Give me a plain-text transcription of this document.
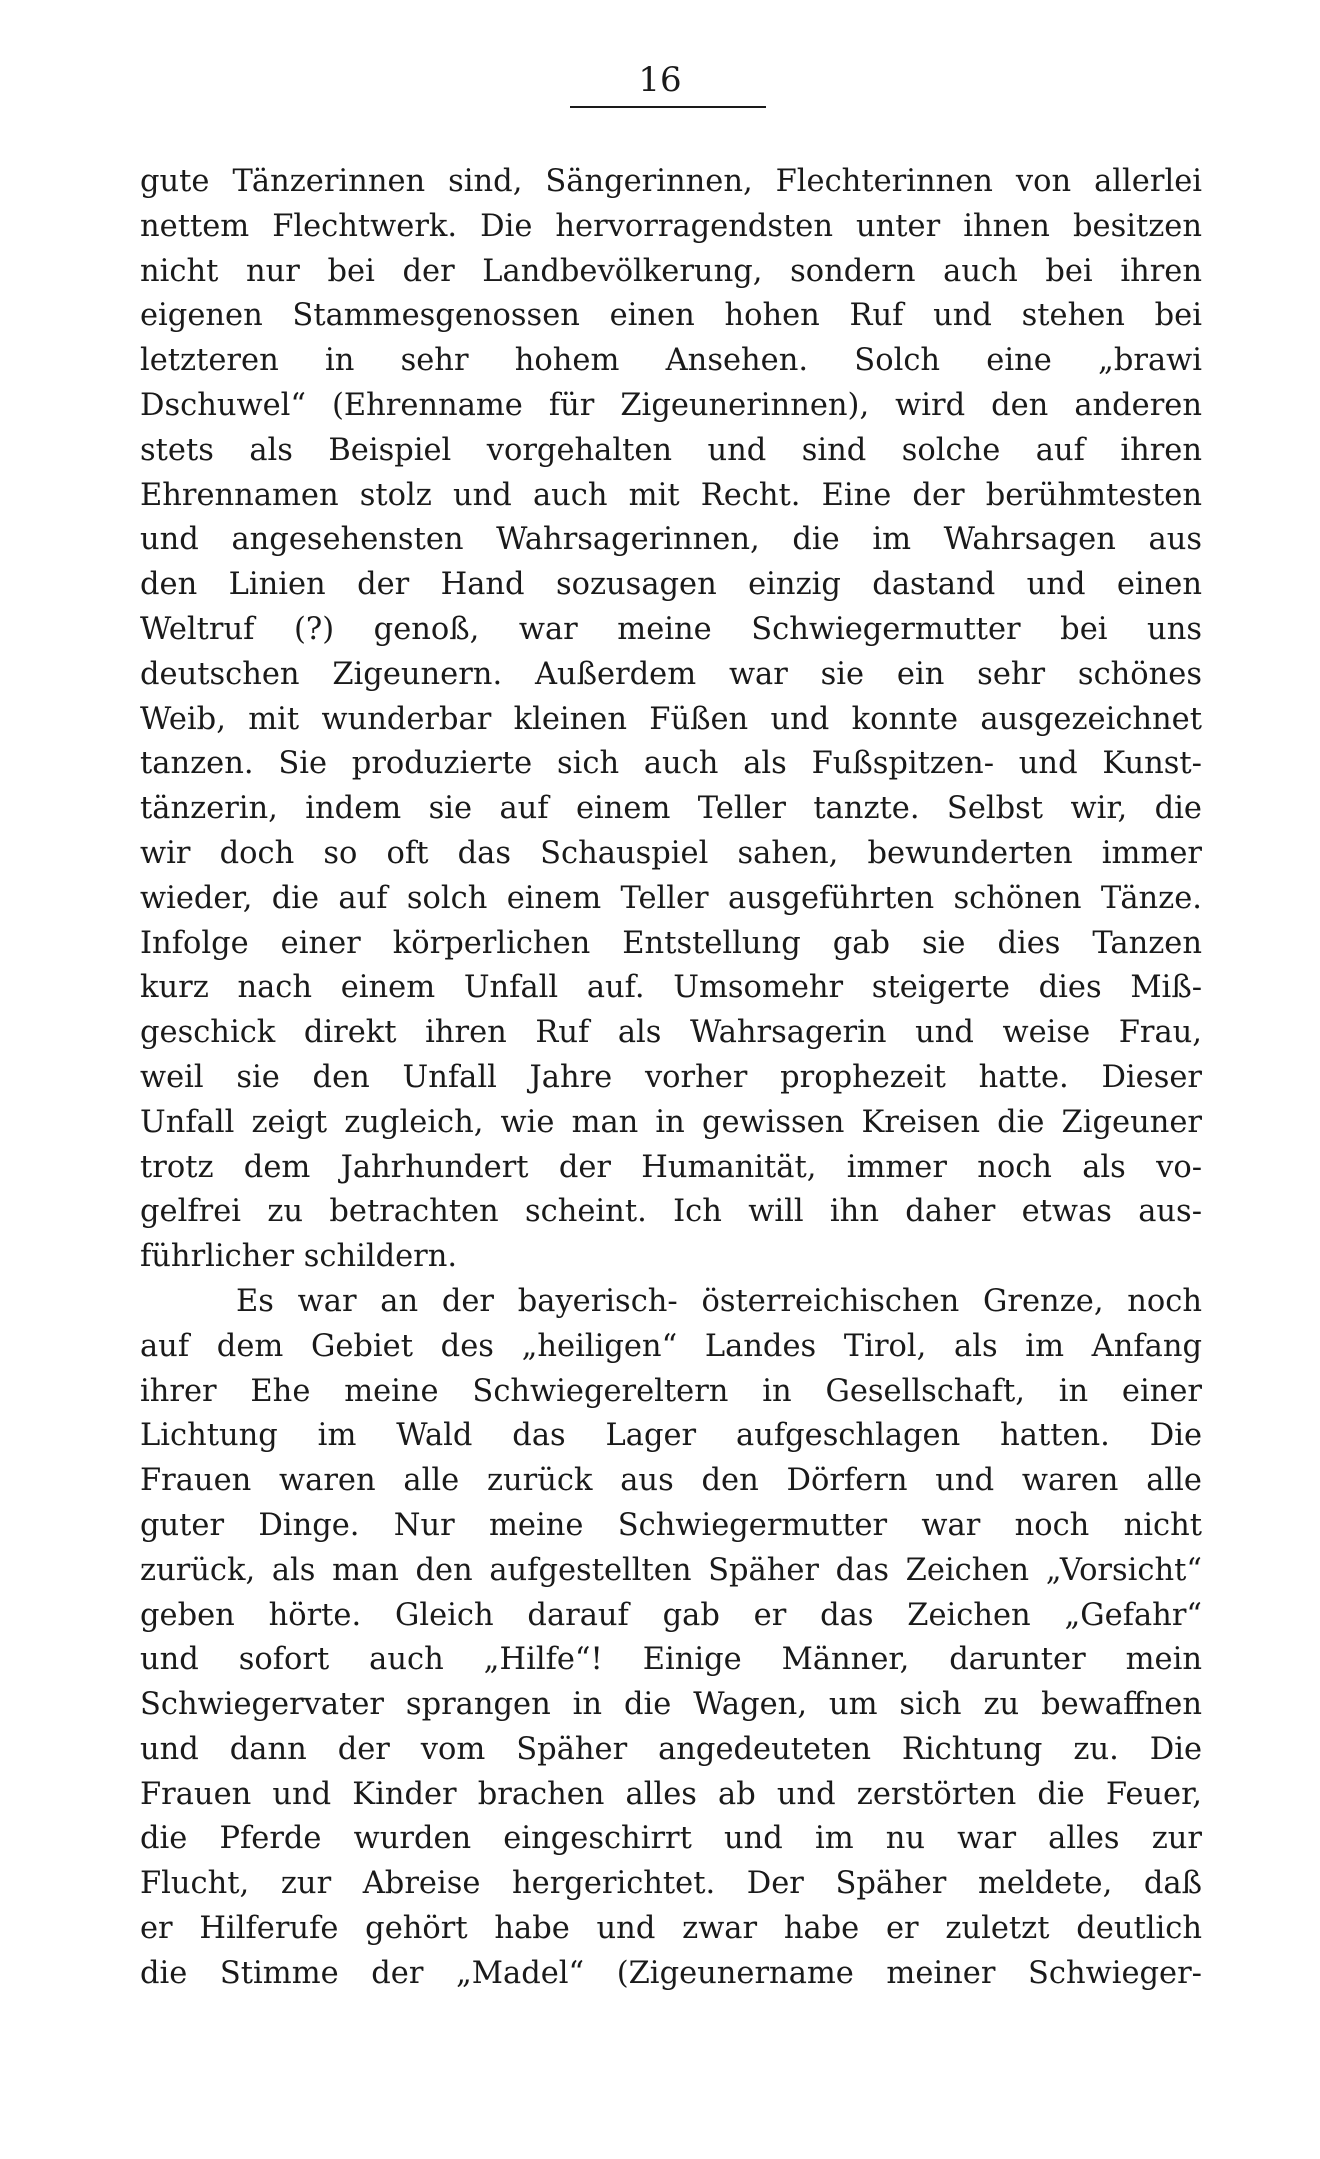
16
gute Tänzerinnen sind, Sängerinnen, Flechterinnen von allerlei
nettem Flechtwerk. Die hervorragendsten unter ihnen besitzen
nicht nur bei der Landbevölkerung, sondern auch bei ihren
eigenen Stammesgenossen einen hohen Ruf und stehen bei
letzteren in sehr hohem Ansehen. Solch eine „brawi
Dschuwel“ (Ehrenname für Zigeunerinnen), wird den anderen
stets als Beispiel vorgehalten und sind solche auf ihren
Ehrennamen stolz und auch mit Recht. Eine der berühmtesten
und angesehensten Wahrsagerinnen, die im Wahrsagen aus
den Linien der Hand sozusagen einzig dastand und einen
Weltruf (?) genoß, war meine Schwiegermutter bei uns
deutschen Zigeunern. Außerdem war sie ein sehr schönes
Weib, mit wunderbar kleinen Füßen und konnte ausgezeichnet
tanzen. Sie produzierte sich auch als Fußspitzen- und Kunst-
tänzerin, indem sie auf einem Teller tanzte. Selbst wir, die
wir doch so oft das Schauspiel sahen, bewunderten immer
wieder, die auf solch einem Teller ausgeführten schönen Tänze.
Infolge einer körperlichen Entstellung gab sie dies Tanzen
kurz nach einem Unfall auf. Umsomehr steigerte dies Miß-
geschick direkt ihren Ruf als Wahrsagerin und weise Frau,
weil sie den Unfall Jahre vorher prophezeit hatte. Dieser
Unfall zeigt zugleich, wie man in gewissen Kreisen die Zigeuner
trotz dem Jahrhundert der Humanität, immer noch als vo-
gelfrei zu betrachten scheint. Ich will ihn daher etwas aus-
führlicher schildern.
Es war an der bayerisch- österreichischen Grenze, noch
auf dem Gebiet des „heiligen“ Landes Tirol, als im Anfang
ihrer Ehe meine Schwiegereltern in Gesellschaft, in einer
Lichtung im Wald das Lager aufgeschlagen hatten. Die
Frauen waren alle zurück aus den Dörfern und waren alle
guter Dinge. Nur meine Schwiegermutter war noch nicht
zurück, als man den aufgestellten Späher das Zeichen „Vorsicht“
geben hörte. Gleich darauf gab er das Zeichen „Gefahr“
und sofort auch „Hilfe“! Einige Männer, darunter mein
Schwiegervater sprangen in die Wagen, um sich zu bewaffnen
und dann der vom Späher angedeuteten Richtung zu. Die
Frauen und Kinder brachen alles ab und zerstörten die Feuer,
die Pferde wurden eingeschirrt und im nu war alles zur
Flucht, zur Abreise hergerichtet. Der Späher meldete, daß
er Hilferufe gehört habe und zwar habe er zuletzt deutlich
die Stimme der „Madel“ (Zigeunername meiner Schwieger-
